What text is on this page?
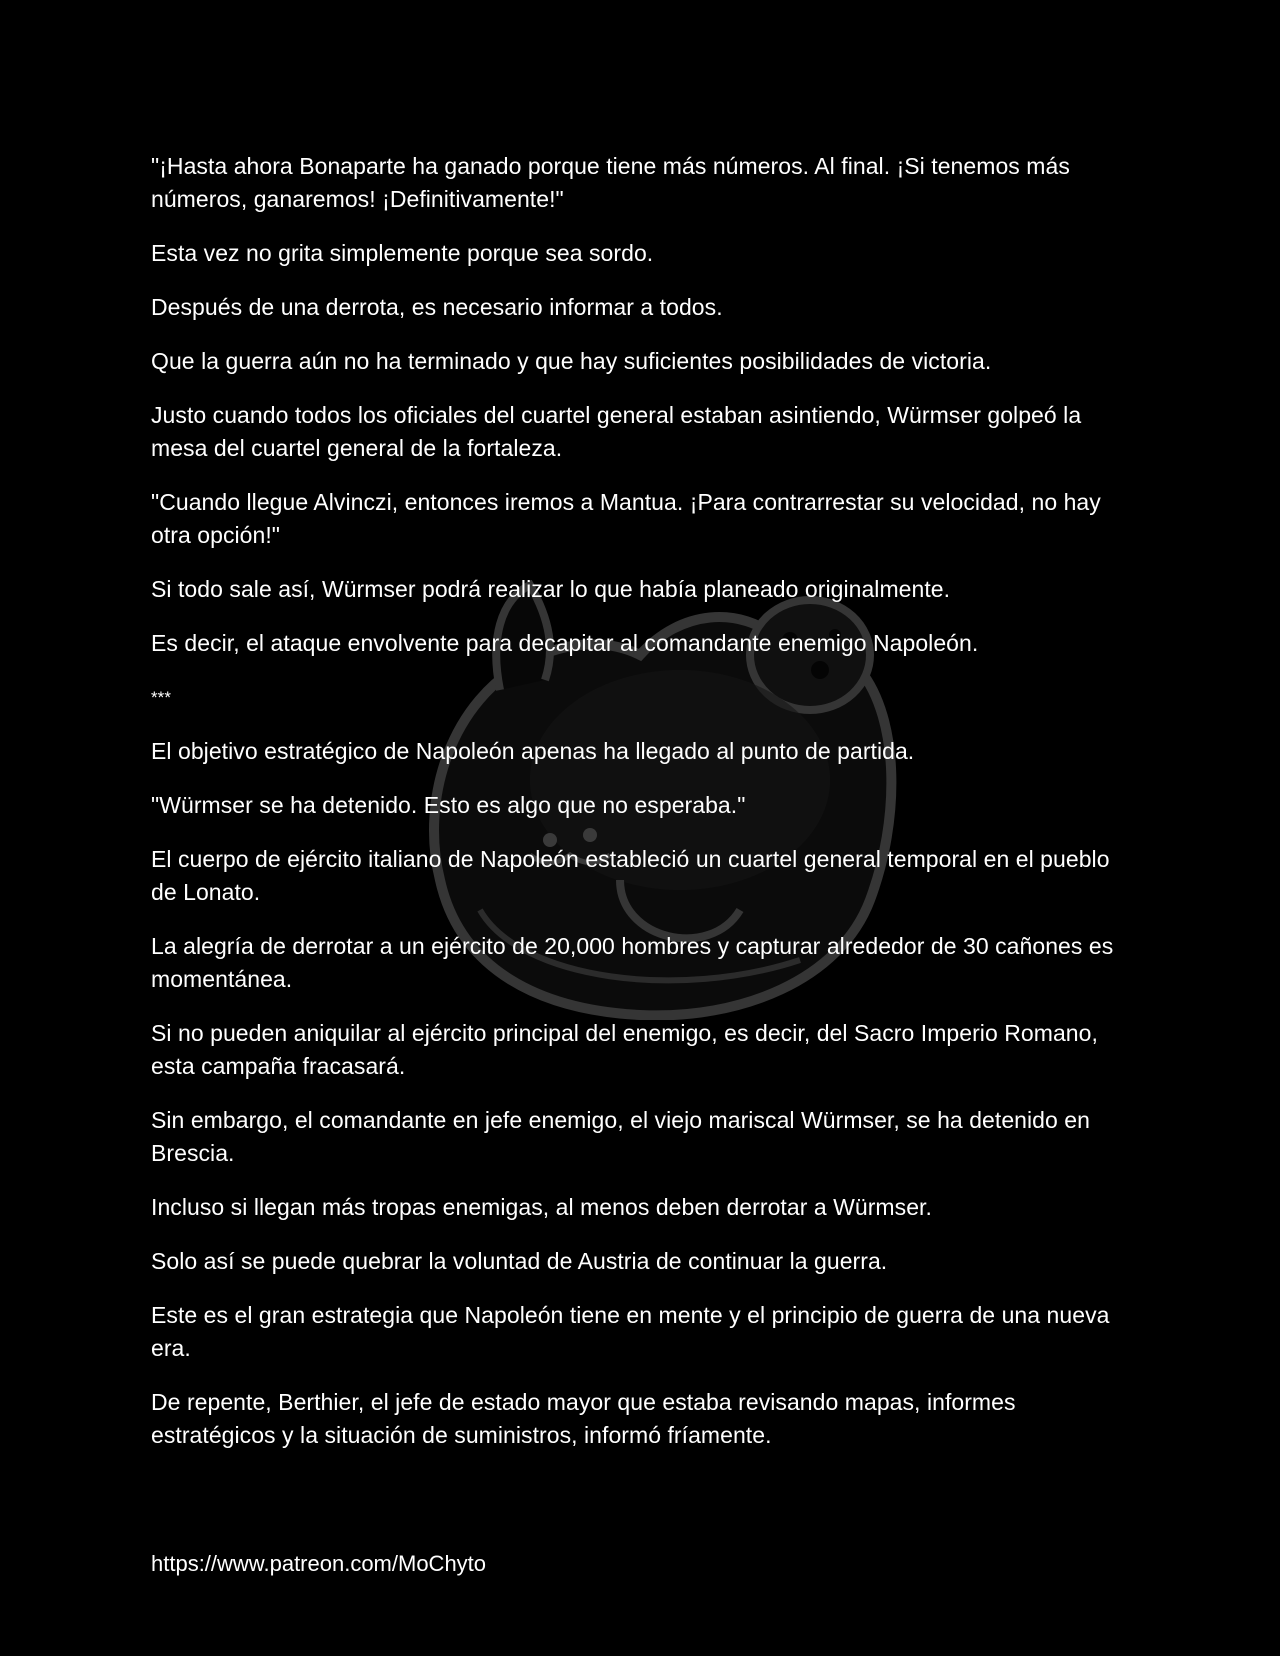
"¡Hasta ahora Bonaparte ha ganado porque tiene más números. Al final. ¡Si tenemos más números, ganaremos! ¡Definitivamente!"

Esta vez no grita simplemente porque sea sordo.

Después de una derrota, es necesario informar a todos.

Que la guerra aún no ha terminado y que hay suficientes posibilidades de victoria.

Justo cuando todos los oficiales del cuartel general estaban asintiendo, Würmser golpeó la mesa del cuartel general de la fortaleza.

"Cuando llegue Alvinczi, entonces iremos a Mantua. ¡Para contrarrestar su velocidad, no hay otra opción!"

Si todo sale así, Würmser podrá realizar lo que había planeado originalmente.

Es decir, el ataque envolvente para decapitar al comandante enemigo Napoleón.

***

El objetivo estratégico de Napoleón apenas ha llegado al punto de partida.

"Würmser se ha detenido. Esto es algo que no esperaba."

El cuerpo de ejército italiano de Napoleón estableció un cuartel general temporal en el pueblo de Lonato.

La alegría de derrotar a un ejército de 20,000 hombres y capturar alrededor de 30 cañones es momentánea.

Si no pueden aniquilar al ejército principal del enemigo, es decir, del Sacro Imperio Romano, esta campaña fracasará.

Sin embargo, el comandante en jefe enemigo, el viejo mariscal Würmser, se ha detenido en Brescia.

Incluso si llegan más tropas enemigas, al menos deben derrotar a Würmser.

Solo así se puede quebrar la voluntad de Austria de continuar la guerra.

Este es el gran estrategia que Napoleón tiene en mente y el principio de guerra de una nueva era.

De repente, Berthier, el jefe de estado mayor que estaba revisando mapas, informes estratégicos y la situación de suministros, informó fríamente.

https://www.patreon.com/MoChyto
